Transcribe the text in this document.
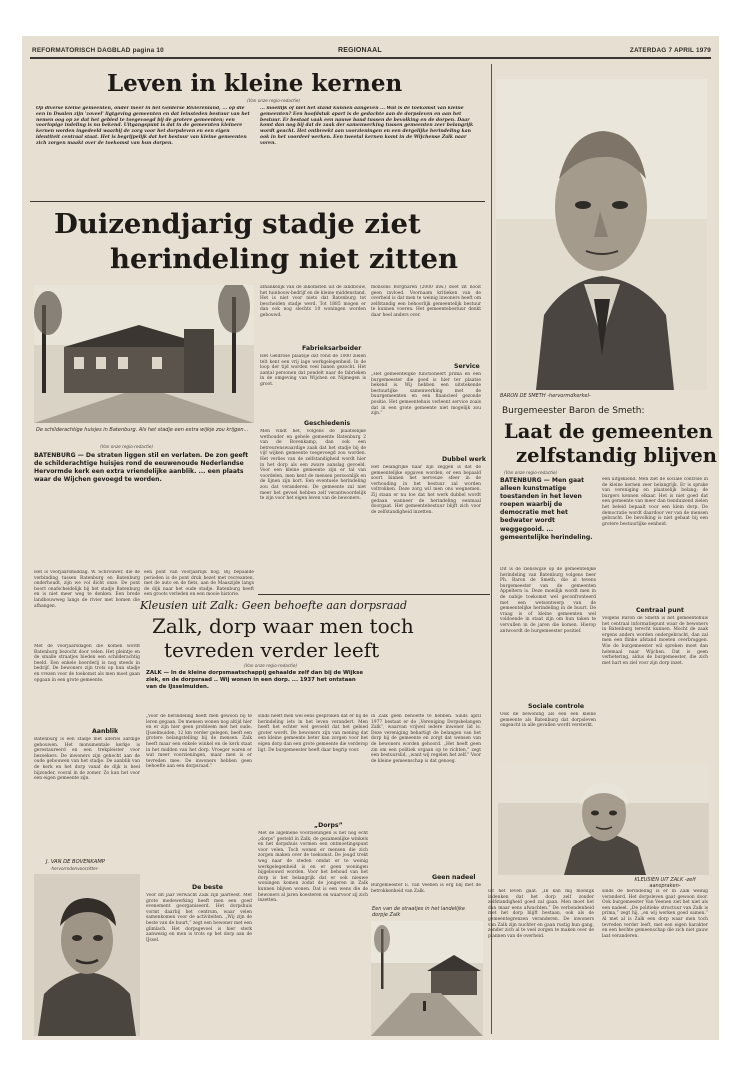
REFORMATORISCH DAGBLAD pagina 10	REGIONAAL	ZATERDAG 7 APRIL 1979
Leven in kleine kernen
(Van onze regio-redactie)
Op diverse kleine gemeenten, onder meer in het Gelderse Rivierenland, ... op die een in Dwalen zijn 'zoveel' ligtgeving gemeenten en dat leinsteden bestuur van het nemen oog op ze dat het gebied te toegevoegd bij de grotere gemeenten; een voorlopige indeling is nu bekend. Uitgangspunt is dat in de gemeenten kleinere kernen worden ingedeeld waarbij de zorg voor het dorpsleven en een eigen identiteit centraal staat. Het is begrijpelijk dat het bestuur van kleine gemeenten zich zorgen maakt over de toekomst van hun dorpen.
... moeilijk of niet het stand kunnen aangeven ... Wat is de toekomst van kleine gemeenten? Een hoofdstuk apart is de gedachte aan de dorpsleven en aan het bestuur. Er bestaat vaak een nauwe band tussen de bevolking en de dorpen. Daar komt dan nog bij dat de zaak der samenwerking tussen gemeenten zeer belangrijk wordt geacht. Het ontbreekt aan voorzieningen en een dergelijke herindeling kan ook in het voordeel werken. Een tweetal kernen komt in de Wijchense Zalk naar voren.
BARON DE SMETH -hervormdkerkel-
Duizendjarig stadje ziet
herindeling niet zitten
De schilderachtige huisjes in Batenburg. Als het stadje een extra wijkje zou krijgen...
(Van onze regio-redactie)
BATENBURG — De straten liggen stil en verlaten. De zon geeft de schilderachtige huisjes rond de eeuwenoude Nederlandse Hervormde kerk een extra vriendelijke aanblik. ... een plaats waar de Wijchen gevoegd te worden.
Het is voorjaarsmiddag. W. Schrouwer, die de verbinding tussen Batenburg en Batenburg onderhoudt, zijn we vol dicht onze. De pont boort onafscheidelijk bij het stadje Batenburg en is niet meer weg te denken. Een brede landbouwweg langs de rivier met bomen die afhangen.
een pont van voorjaarlijk nog. Bij bepaalde perioden is de pont druk bezet met recreanten, met de auto en de fiets, aan de Maaszijde langs de dijk naar het oude stadje. Batenburg heeft een groots verleden en een mooie historie.
afhankelijk van de inkomsten uit de landbouw, het tuinbouw-bedrijf en de kleine middenstand. Het is niet voor niets dat Batenburg tot bescheiden stadje werd. Tot 1885 mogen er dan ook nog slechts 10 woningen worden gebouwd.
Fabrieksarbeider
Het Geldrose plaatsje dat rond de 1000 zielen telt kent een vrij lage werkgelegenheid. In de loop der tijd worden veel banen gezocht. Het aantal personen dat pendelt naar de fabrieken in de omgeving van Wijchen en Nijmegen is groot.
Geschiedenis
Men vindt het, volgens de plaatselijke wethouder en gehele gemeente Batenburg 2 van de Bovenkamp, dan ook een betreurenswaardige zaak dat het stadje bij de vijf wijken gemeente toegevoegd zou worden. Het verlies van de zelfstandigheid wordt hier in het dorp als een zware aanslag gevoeld. Voor een kleine gemeente zijn er tal van voordelen, men kent de mensen persoonlijk en de lijnen zijn kort. Een eventuele herindeling zou dat veranderen. De gemeente zal niet meer het gevoel hebben zelf verantwoordelijk te zijn voor het eigen leven van de bewoners.
monsons Borgharen (2000 inw.) doet zit nooit geen invloed. Voornaam kritieken van de overheid is dat men te weinig inwoners heeft om zelfstandig een behoorlijk gemeentelijk bestuur te kunnen voeren. Het gemeentebestuur denkt daar heel anders over.
Service
„Het gemeentelijke functioneert prima en een burgemeester die goed is hier ter plaatse bekend is. Wij hebben een uitstekende bestuurlijke samenwerking met de buurgemeenten en een financieel gezonde positie. Het gemeentehuis verleent service zoals dat in een grote gemeente niet mogelijk zou zijn.”
Dubbel werk
Het belangrijke naar zijn zeggen is dat de gemeentelijke opgaven worden, er een bepaald soort binnen het nerveuze sfeer in de verhouding in het bestuur zal worden voltrokken. Deze zorg wil men ons wegnemen. Zij staan er nu toe dat het werk dubbel wordt gedaan wanneer de herindeling eenmaal doorgaat. Het gemeentebestuur blijft zich voor de zelfstandigheid inzetten.
Burgemeester Baron de Smeth:
Laat de gemeenten
zelfstandig blijven
(Van onze regio-redactie)
BATENBURG — Men gaat alleen kunstmatige toestanden in het leven roepen waarbij de democratie met het bedwater wordt weggegooid. ... gemeentelijke herindeling.
Dit is de zienswijze op de gemeentelijke herindeling van Batenburg volgens heer Ph. Baron de Smeth, die al tevens burgemeester van de gemeenten Appeltern is. Deze moeilijk wordt men in de nabije toekomst wel geconfronteerd met een wetsontwerp van de gemeentelijke herindeling in de buurt. De vraag is of kleine gemeenten wel voldoende in staat zijn om hun taken te vervullen in de jaren die komen. Hierop antwoordt de burgemeester positief.
Sociale controle
Ook de bewoning als een een kleine gemeente als Batenburg dat dorpsleven ongeacht in alle gevallen wordt versterkt.
een uitgekiend. Men ziet de sociale controle in de kleine kernen zeer belangrijk. Er is sprake van vereniging en plaatselijk belang; de burgers kennen elkaar. Het is niet goed dat een gemeente van meer dan tienduizend zielen het beleid bepaalt voor een klein dorp. De democratie wordt daardoor ver van de mensen gebracht. De bevolking is niet gebaat bij een grotere bestuurlijke eenheid.
Centraal punt
Volgens Baron de Smeth is het gemeentehuis het centraal informatiepunt waar de bewoners in Batenburg terecht kunnen. Mocht de zaak ergens anders worden ondergebracht, dan zal men een flinke afstand moeten overbruggen. Wie de burgemeester wil spreken moet dan helemaal naar Wijchen. Dat is geen verbetering, aldus de burgemeester, die zich met hart en ziel voor zijn dorp inzet.
Kleusien uit Zalk: Geen behoefte aan dorpsraad
Zalk, dorp waar men toch
tevreden verder leeft
(Van onze regio-redactie)
ZALK — In de kleine dorpsmaatschappij gehaalde zelf dan bij de Wijkse ziek, en de dorpsraad .. Wij wonen in een dorp. ... 1937 het ontstaan van de IJsselmuiden.
Met de voorjaarsdagen die komen wordt Batenburg bezocht door velen. Het pleintje en de smalle straatjes bieden een schilderachtig beeld. Een enkele boerderij is nog steeds in bedrijf. De bewoners zijn trots op hun stadje en vrezen voor de toekomst als men moet gaan opgaan in een grote gemeente.
Aanblik
Batenburg is een stadje met allerlei aardige gebouwen. Het monumentale kerkje is gerestaureerd en een trekpleister voor bezoekers. De inwoners zijn gehecht aan de oude gebouwen van het stadje. De aanblik van de kerk en het dorp vanaf de dijk is heel bijzonder, vooral in de zomer. Zo kan het voor een eigen gemeente zijn.
J. VAN DE BOVENKAMP
-hervormdenvoorzitter-
„Voor de herindeling heeft men gewoon bij te leren gegaan. De mensen wonen nog altijd hier en er zijn hier geen probleem met het oude. IJsselmuiden, 12 km verder gelegen, heeft een grotere belangstelling bij de mensen. Zalk heeft maar een enkele winkel en de kerk staat in het midden van het dorp. Vroeger waren er wat meer voorzieningen, maar men is er tevreden mee. De inwoners hebben geen behoefte aan een dorpsraad.”
De beste
Voor dit jaar verwacht Zalk zijn jaarfeest. Met grote medewerking heeft men een goed evenement georganiseerd. Het dorpshuis vormt daarbij het centrum, waar velen samenkomen voor de activiteiten. „Wij zijn de beste van de buurt,” zegt een bewoner met een glimlach. Het dorpsgevoel is hier sterk aanwezig en men is trots op het dorp aan de IJssel.
sinds heeft men wel eens gesproken dat er bij de herindeling iets in het leven verandert. Men heeft het echter wel gevoeld dat het gebied groter wordt. De bewoners zijn van mening dat een kleine gemeente beter kan zorgen voor het eigen dorp dan een grote gemeente die verderop ligt. De burgemeester heeft daar begrip voor.
„Dorps”
Met de algemene voorzieningen is het nog echt „dorps” gesteld in Zalk; de gezamenlijke winkels en het dorpshuis vormen een ontmoetingspunt voor velen. Toch wonen er mensen die zich zorgen maken over de toekomst. De jeugd trekt weg naar de steden omdat er te weinig werkgelegenheid is en er geen woningen bijgebouwd worden. Voor het behoud van het dorp is het belangrijk dat er ook nieuwe woningen komen zodat de jongeren in Zalk kunnen blijven wonen. Dat is een wens die de bewoners al jaren koesteren en waarvoor zij zich inzetten.
in Zalk geen behoefte te hebben. Sinds april 1977 bestaat er de „Vereniging Dorpsbelangen Zalk”, waarvan vrijwel iedere inwoner lid is. Deze vereniging behartigt de belangen van het dorp bij de gemeente en zorgt dat wensen van de bewoners worden gehoord. „Het heeft geen zin om een politiek orgaan op te richten,” zegt een bestuurslid, „want wij regelen het zelf.” Voor de kleine gemeenschap is dat genoeg.
Geen nadeel
Burgemeester E. van Veenen is erg blij met de betrokkenheid van Zalk.
Een van de straatjes in het landelijke dorpje Zalk
KLEUSIEN UIT ZALK -zelf aanspraken-
uit het leven gaat. „Ik kan mij moeilijk indenken dat het dorp zelf zonder zelfstandigheid goed zal gaan. Men moet het dan maar eens afwachten.” De verbondenheid met het dorp blijft bestaan, ook als de gemeentegrenzen veranderen. De inwoners van Zalk zijn nuchter en gaan rustig hun gang, zonder zich al te veel zorgen te maken over de plannen van de overheid.
sinds de herindeling is er in Zalk weinig veranderd. Het dorpsleven gaat gewoon door. Ook burgemeester Van Veenen ziet het niet als een nadeel. „De politieke structuur van Zalk is prima,” zegt hij, „en wij werken goed samen.” Al met al is Zalk een dorp waar men toch tevreden verder leeft, met een eigen karakter en een hechte gemeenschap die zich niet gauw laat veranderen.
